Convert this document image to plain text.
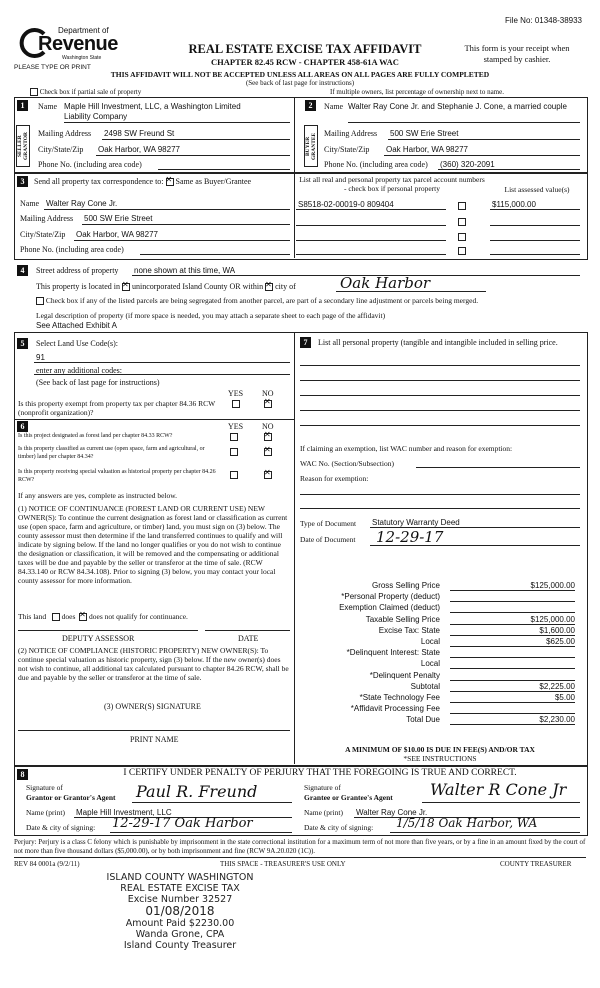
File No: 01348-38933
Department of
Revenue
Washington State
PLEASE TYPE OR PRINT
REAL ESTATE EXCISE TAX AFFIDAVIT
CHAPTER 82.45 RCW - CHAPTER 458-61A WAC
This form is your receipt when stamped by cashier.
THIS AFFIDAVIT WILL NOT BE ACCEPTED UNLESS ALL AREAS ON ALL PAGES ARE FULLY COMPLETED
(See back of last page for instructions)
Check box if partial sale of property	If multiple owners, list percentage of ownership next to name.
1	2
SELLER GRANTOR	BUYER GRANTEE
Name Maple Hill Investment, LLC, a Washington Limited Liability Company
Mailing Address 2498 SW Freund St
City/State/Zip Oak Harbor, WA 98277
Phone No. (including area code)
Name Walter Ray Cone Jr. and Stephanie J. Cone, a married couple
Mailing Address 500 SW Erie Street
City/State/Zip Oak Harbor, WA 98277
Phone No. (including area code) (360) 320-2091
3	Send all property tax correspondence to: ✕ Same as Buyer/Grantee
Name Walter Ray Cone Jr.
Mailing Address 500 SW Erie Street
City/State/Zip Oak Harbor, WA 98277
Phone No. (including area code)
List all real and personal property tax parcel account numbers - check box if personal property	List assessed value(s)
S8518-02-00019-0 809404	$115,000.00
4	Street address of property none shown at this time, WA
This property is located in ✕ unincorporated Island County OR within ✕ city of	Oak Harbor
Check box if any of the listed parcels are being segregated from another parcel, are part of a secondary line adjustment or parcels being merged.
Legal description of property (if more space is needed, you may attach a separate sheet to each page of the affidavit)
See Attached Exhibit A
5	Select Land Use Code(s):
91
enter any additional codes:
(See back of last page for instructions)
YES NO
Is this property exempt from property tax per chapter 84.36 RCW (nonprofit organization)?
✕
6	YES NO
Is this project designated as forest land per chapter 84.33 RCW?
✕
Is this property classified as current use (open space, farm and agricultural, or timber) land per chapter 84.34?
✕
Is this property receiving special valuation as historical property per chapter 84.26 RCW?
✕
If any answers are yes, complete as instructed below.
(1) NOTICE OF CONTINUANCE (FOREST LAND OR CURRENT USE) NEW OWNER(S): To continue the current designation as forest land or classification as current use (open space, farm and agriculture, or timber) land, you must sign on (3) below. The county assessor must then determine if the land transferred continues to qualify and will indicate by signing below. If the land no longer qualifies or you do not wish to continue the designation or classification, it will be removed and the compensating or additional taxes will be due and payable by the seller or transferor at the time of sale. (RCW 84.33.140 or RCW 84.34.108). Prior to signing (3) below, you may contact your local county assessor for more information.
This land does ✕ does not qualify for continuance.
DEPUTY ASSESSOR	DATE
(2) NOTICE OF COMPLIANCE (HISTORIC PROPERTY) NEW OWNER(S): To continue special valuation as historic property, sign (3) below. If the new owner(s) does not wish to continue, all additional tax calculated pursuant to chapter 84.26 RCW, shall be due and payable by the seller or transferor at the time of sale.
(3) OWNER(S) SIGNATURE
PRINT NAME
7	List all personal property (tangible and intangible included in selling price.
If claiming an exemption, list WAC number and reason for exemption:
WAC No. (Section/Subsection)
Reason for exemption:
Type of Document Statutory Warranty Deed
Date of Document 12-29-17
Gross Selling Price	$125,000.00
*Personal Property (deduct)
Exemption Claimed (deduct)
Taxable Selling Price	$125,000.00
Excise Tax: State	$1,600.00
Local	$625.00
*Delinquent Interest: State
Local
*Delinquent Penalty
Subtotal	$2,225.00
*State Technology Fee	$5.00
*Affidavit Processing Fee
Total Due	$2,230.00
A MINIMUM OF $10.00 IS DUE IN FEE(S) AND/OR TAX
*SEE INSTRUCTIONS
8	I CERTIFY UNDER PENALTY OF PERJURY THAT THE FOREGOING IS TRUE AND CORRECT.
Signature of
Grantor or Grantor's Agent Paul R. Freund
Name (print) Maple Hill Investment, LLC
Date & city of signing: 12-29-17 Oak Harbor
Signature of
Grantee or Grantee's Agent Walter R Cone Jr
Name (print) Walter Ray Cone Jr.
Date & city of signing: 1/5/18 Oak Harbor, WA
Perjury: Perjury is a class C felony which is punishable by imprisonment in the state correctional institution for a maximum term of not more than five years, or by a fine in an amount fixed by the court of not more than five thousand dollars ($5,000.00), or by both imprisonment and fine (RCW 9A.20.020 (1C)).
REV 84 0001a (9/2/11)	THIS SPACE - TREASURER'S USE ONLY	COUNTY TREASURER
ISLAND COUNTY WASHINGTON
REAL ESTATE EXCISE TAX
Excise Number 32527
01/08/2018
Amount Paid $2230.00
Wanda Grone, CPA
Island County Treasurer
